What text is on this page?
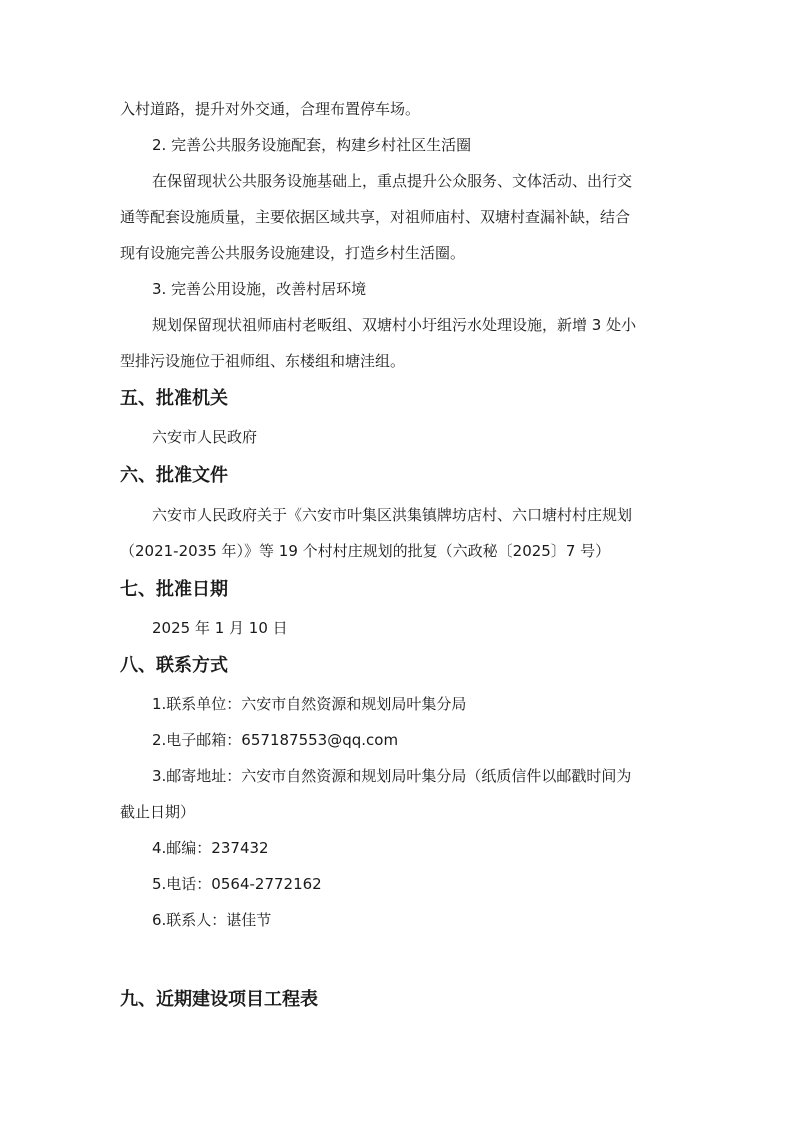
入村道路，提升对外交通，合理布置停车场。
2. 完善公共服务设施配套，构建乡村社区生活圈
在保留现状公共服务设施基础上，重点提升公众服务、文体活动、出行交
通等配套设施质量，主要依据区域共享，对祖师庙村、双塘村查漏补缺，结合
现有设施完善公共服务设施建设，打造乡村生活圈。
3. 完善公用设施，改善村居环境
规划保留现状祖师庙村老畈组、双塘村小圩组污水处理设施，新增 3 处小
型排污设施位于祖师组、东楼组和塘洼组。
五、批准机关
六安市人民政府
六、批准文件
六安市人民政府关于《六安市叶集区洪集镇牌坊店村、六口塘村村庄规划
（2021-2035 年）》等 19 个村村庄规划的批复（六政秘〔2025〕7 号）
七、批准日期
2025 年 1 月 10 日
八、联系方式
1.联系单位：六安市自然资源和规划局叶集分局
2.电子邮箱：657187553@qq.com
3.邮寄地址：六安市自然资源和规划局叶集分局（纸质信件以邮戳时间为
截止日期）
4.邮编：237432
5.电话：0564-2772162
6.联系人：谌佳节
九、近期建设项目工程表
